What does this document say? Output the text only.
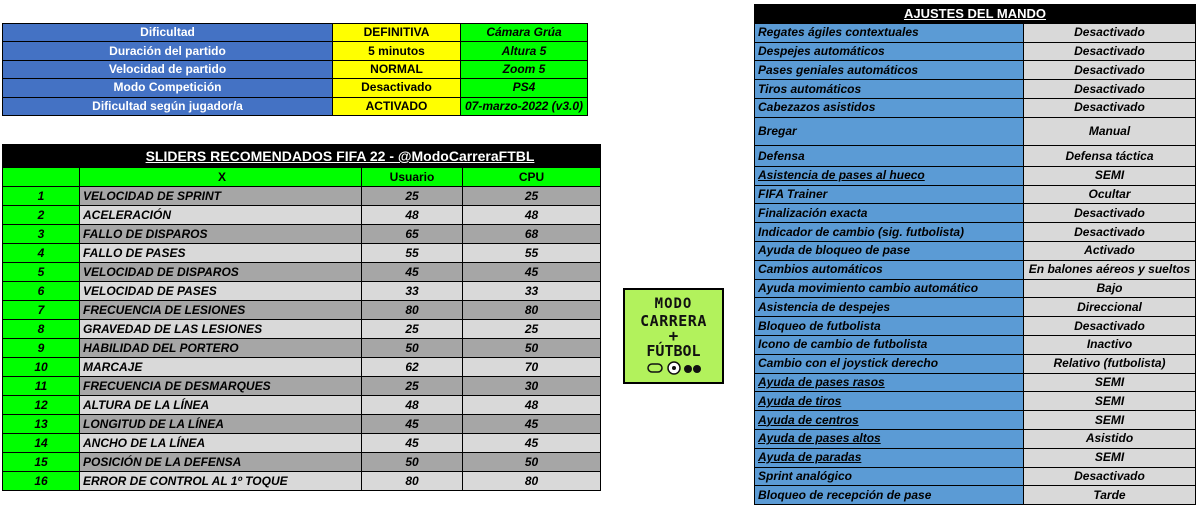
Dificultad	DEFINITIVA	Cámara Grúa
Duración del partido	5 minutos	Altura 5
Velocidad de partido	NORMAL	Zoom 5
Modo Competición	Desactivado	PS4
Dificultad según jugador/a	ACTIVADO	07-marzo-2022 (v3.0)
	SLIDERS RECOMENDADOS FIFA 22 - @ModoCarreraFTBL		
	X	Usuario	CPU
1	VELOCIDAD DE SPRINT	25	25
2	ACELERACIÓN	48	48
3	FALLO DE DISPAROS	65	68
4	FALLO DE PASES	55	55
5	VELOCIDAD DE DISPAROS	45	45
6	VELOCIDAD DE PASES	33	33
7	FRECUENCIA DE LESIONES	80	80
8	GRAVEDAD DE LAS LESIONES	25	25
9	HABILIDAD DEL PORTERO	50	50
10	MARCAJE	62	70
11	FRECUENCIA DE DESMARQUES	25	30
12	ALTURA DE LA LÍNEA	48	48
13	LONGITUD DE LA LÍNEA	45	45
14	ANCHO DE LA LÍNEA	45	45
15	POSICIÓN DE LA DEFENSA	50	50
16	ERROR DE CONTROL AL 1º TOQUE	80	80
MODO
CARRERA
+
FÚTBOL
AJUSTES DEL MANDO	
Regates ágiles contextuales	Desactivado
Despejes automáticos	Desactivado
Pases geniales automáticos	Desactivado
Tiros automáticos	Desactivado
Cabezazos asistidos	Desactivado
Bregar	Manual
Defensa	Defensa táctica
Asistencia de pases al hueco	SEMI
FIFA Trainer	Ocultar
Finalización exacta	Desactivado
Indicador de cambio (sig. futbolista)	Desactivado
Ayuda de bloqueo de pase	Activado
Cambios automáticos	En balones aéreos y sueltos
Ayuda movimiento cambio automático	Bajo
Asistencia de despejes	Direccional
Bloqueo de futbolista	Desactivado
Icono de cambio de futbolista	Inactivo
Cambio con el joystick derecho	Relativo (futbolista)
Ayuda de pases rasos	SEMI
Ayuda de tiros	SEMI
Ayuda de centros	SEMI
Ayuda de pases altos	Asistido
Ayuda de paradas	SEMI
Sprint analógico	Desactivado
Bloqueo de recepción de pase	Tarde
